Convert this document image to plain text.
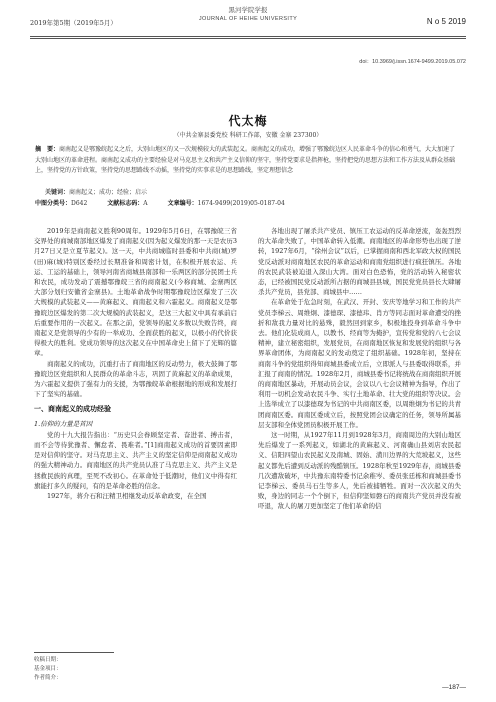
黑河学院学报
JOURNAL OF HEIHE UNIVERSITY
2019年第5期（2019年5月）	N o 5 2019
doi：10.3969/j.issn.1674-9499.2019.05.072
代太梅
（中共金寨县委党校 科研工作部，安徽 金寨 237300）
摘　要：商南起义是鄂豫皖起义之后，大别山地区的又一次规模较大的武装起义。商南起义的成功，增强了鄂豫皖边区人民革命斗争的信心和勇气，大大加速了大别山地区的革命进程。商南起义成功的主要经验是对马克思主义和共产主义信仰的坚守，坚持党要求是指挥枪，坚持把党的思想方法和工作方法及从群众基础上，坚持党的方针政策，坚持党的思想路线不动摇，坚持党的实事求是的思想路线，坚定理想信念
关键词：商南起义；成功；经验；启示
中图分类号：D642	文献标志码：A	文章编号：1674-9499(2019)05-0187-04

2019年是商南起义胜利90周年。1929年5月6日，在鄂豫皖三省交界处的商城南部地区爆发了商南起义(因为起义爆发的那一天是农历3月27日又是立夏节起义)。这一天，中共商城临时县委和中共商(城)罗(田)麻(城)特别区委经过长期准备和周密计划，在积极开展农运、兵运、工运的基础上，领导河南省商城县南部和一乐两区的部分民团士兵和农民，成功发动了震撼鄂豫皖三省的商南起义(今称商城、金寨两区大部分划归安徽省金寨县)。土地革命战争时期鄂豫皖边区爆发了三次大规模的武装起义——黄麻起义、商南起义和六霍起义。商南起义是鄂豫皖边区爆发的第二次大规模的武装起义，是这三大起义中具有承前启后重要作用的一次起义。在那之前，党领导的起义多数以失败告终，商南起义是党领导的少有的一举成功、全面获胜的起义，以极小的代价获得极大的胜利。党成功领导的这次起义在中国革命史上留下了光辉的篇章。

商南起义的成功，沉重打击了商南地区的反动势力，极大鼓舞了鄂豫皖边区党组织和人民群众的革命斗志，巩固了黄麻起义的革命成果，为六霍起义提供了强有力的支援，为鄂豫皖革命根据地的形成和发展打下了坚实的基础。

一、商南起义的成功经验
1.信仰的力量是首因

党的十九大报告指出：“历史只会眷顾坚定者、奋进者、搏击者，而不会等待犹豫者、懈怠者、畏难者。”[1]商南起义成功的首要因素即是对信仰的坚守。对马克思主义、共产主义的坚定信仰是商南起义成功的强大精神动力。商南地区的共产党员认准了马克思主义、共产主义是拯救民族的真理，至死不改初心。在革命处于低潮时，他们义中得有红旗能打多久的疑问，有的是革命必胜的信念。

1927年，蒋介石和汪精卫相继发动反革命政变，在全国

各地出现了屠杀共产党员、镇压工农运动的反革命逆流，轰轰烈烈的大革命失败了，中国革命转入低潮。商南地区的革命形势也出现了逆转，1927年6月，“徐州会议”以后，已掌握商南和西北军政大权的国民党反动派对商南地区农民的革命运动和商南党组织进行疯狂镇压。各地的农民武装被迫退入深山大湾。面对白色恐怖，党的活动转入秘密状态，已经被国民党反动派所占据的商城县县城，国民党党员县长大肆屠杀共产党员，县党部、商城县中……

在革命处于危急时刻，在武汉、开封、安庆等地学习和工作的共产党员李梯云、周维炯、漆德琛、漆德玮、肖方等同志面对革命遭受的挫折和敌我力量对比的悬殊，毅然回到家乡，积极地投身到革命斗争中去。他们化装成商人，以教书、经商等为掩护，宣传党和党的八七会议精神，建立秘密组织，发展党员，在商南地区恢复和发展党的组织与各界革命团体，为商南起义的发动奠定了组织基础。1928年初，坚持在商南斗争的党组织得知商城县委成立后，立即派人与县委取得联系，并汇报了商南的情况。1928年2月，商城县委书记将统战在商南组织开展的商南地区暴动，开展动员会议，会议以八七会议精神为指导，作出了利用一切机会发动农民斗争、实行土地革命、壮大党的组织等决议。会上选举成立了以漆德琛为书记的中共商南区委，以周维炯为书记的共青团商南区委。商南区委成立后，按照党团会议确定的任务，领导所属基层支部和全体党团员积极开展工作。

这一时期，从1927年11月到1928年3月，商南周边的大别山地区先后爆发了一系列起义，如湖北的黄麻起义、河南确山县刘店农民起义、信阳四望山农民起义及南城、固始、潢川边界的大荒坡起义，这些起义都先后遭到反动派的残酷镇压。1928年秋至1929年春，商城县委几次遭敌破坏，中共豫东南特委书记余稚岑、委员张廷栋和商城县委书记李梯云、委员马石生等多人，先后被捕牺牲。面对一次次起义的失败，身边的同志一个个倒下，但信仰坚如磐石的商南共产党员并没有被吓退，敌人的屠刀更加坚定了他们革命的信

收稿日期：
基金项目：
作者简介：
—187—
